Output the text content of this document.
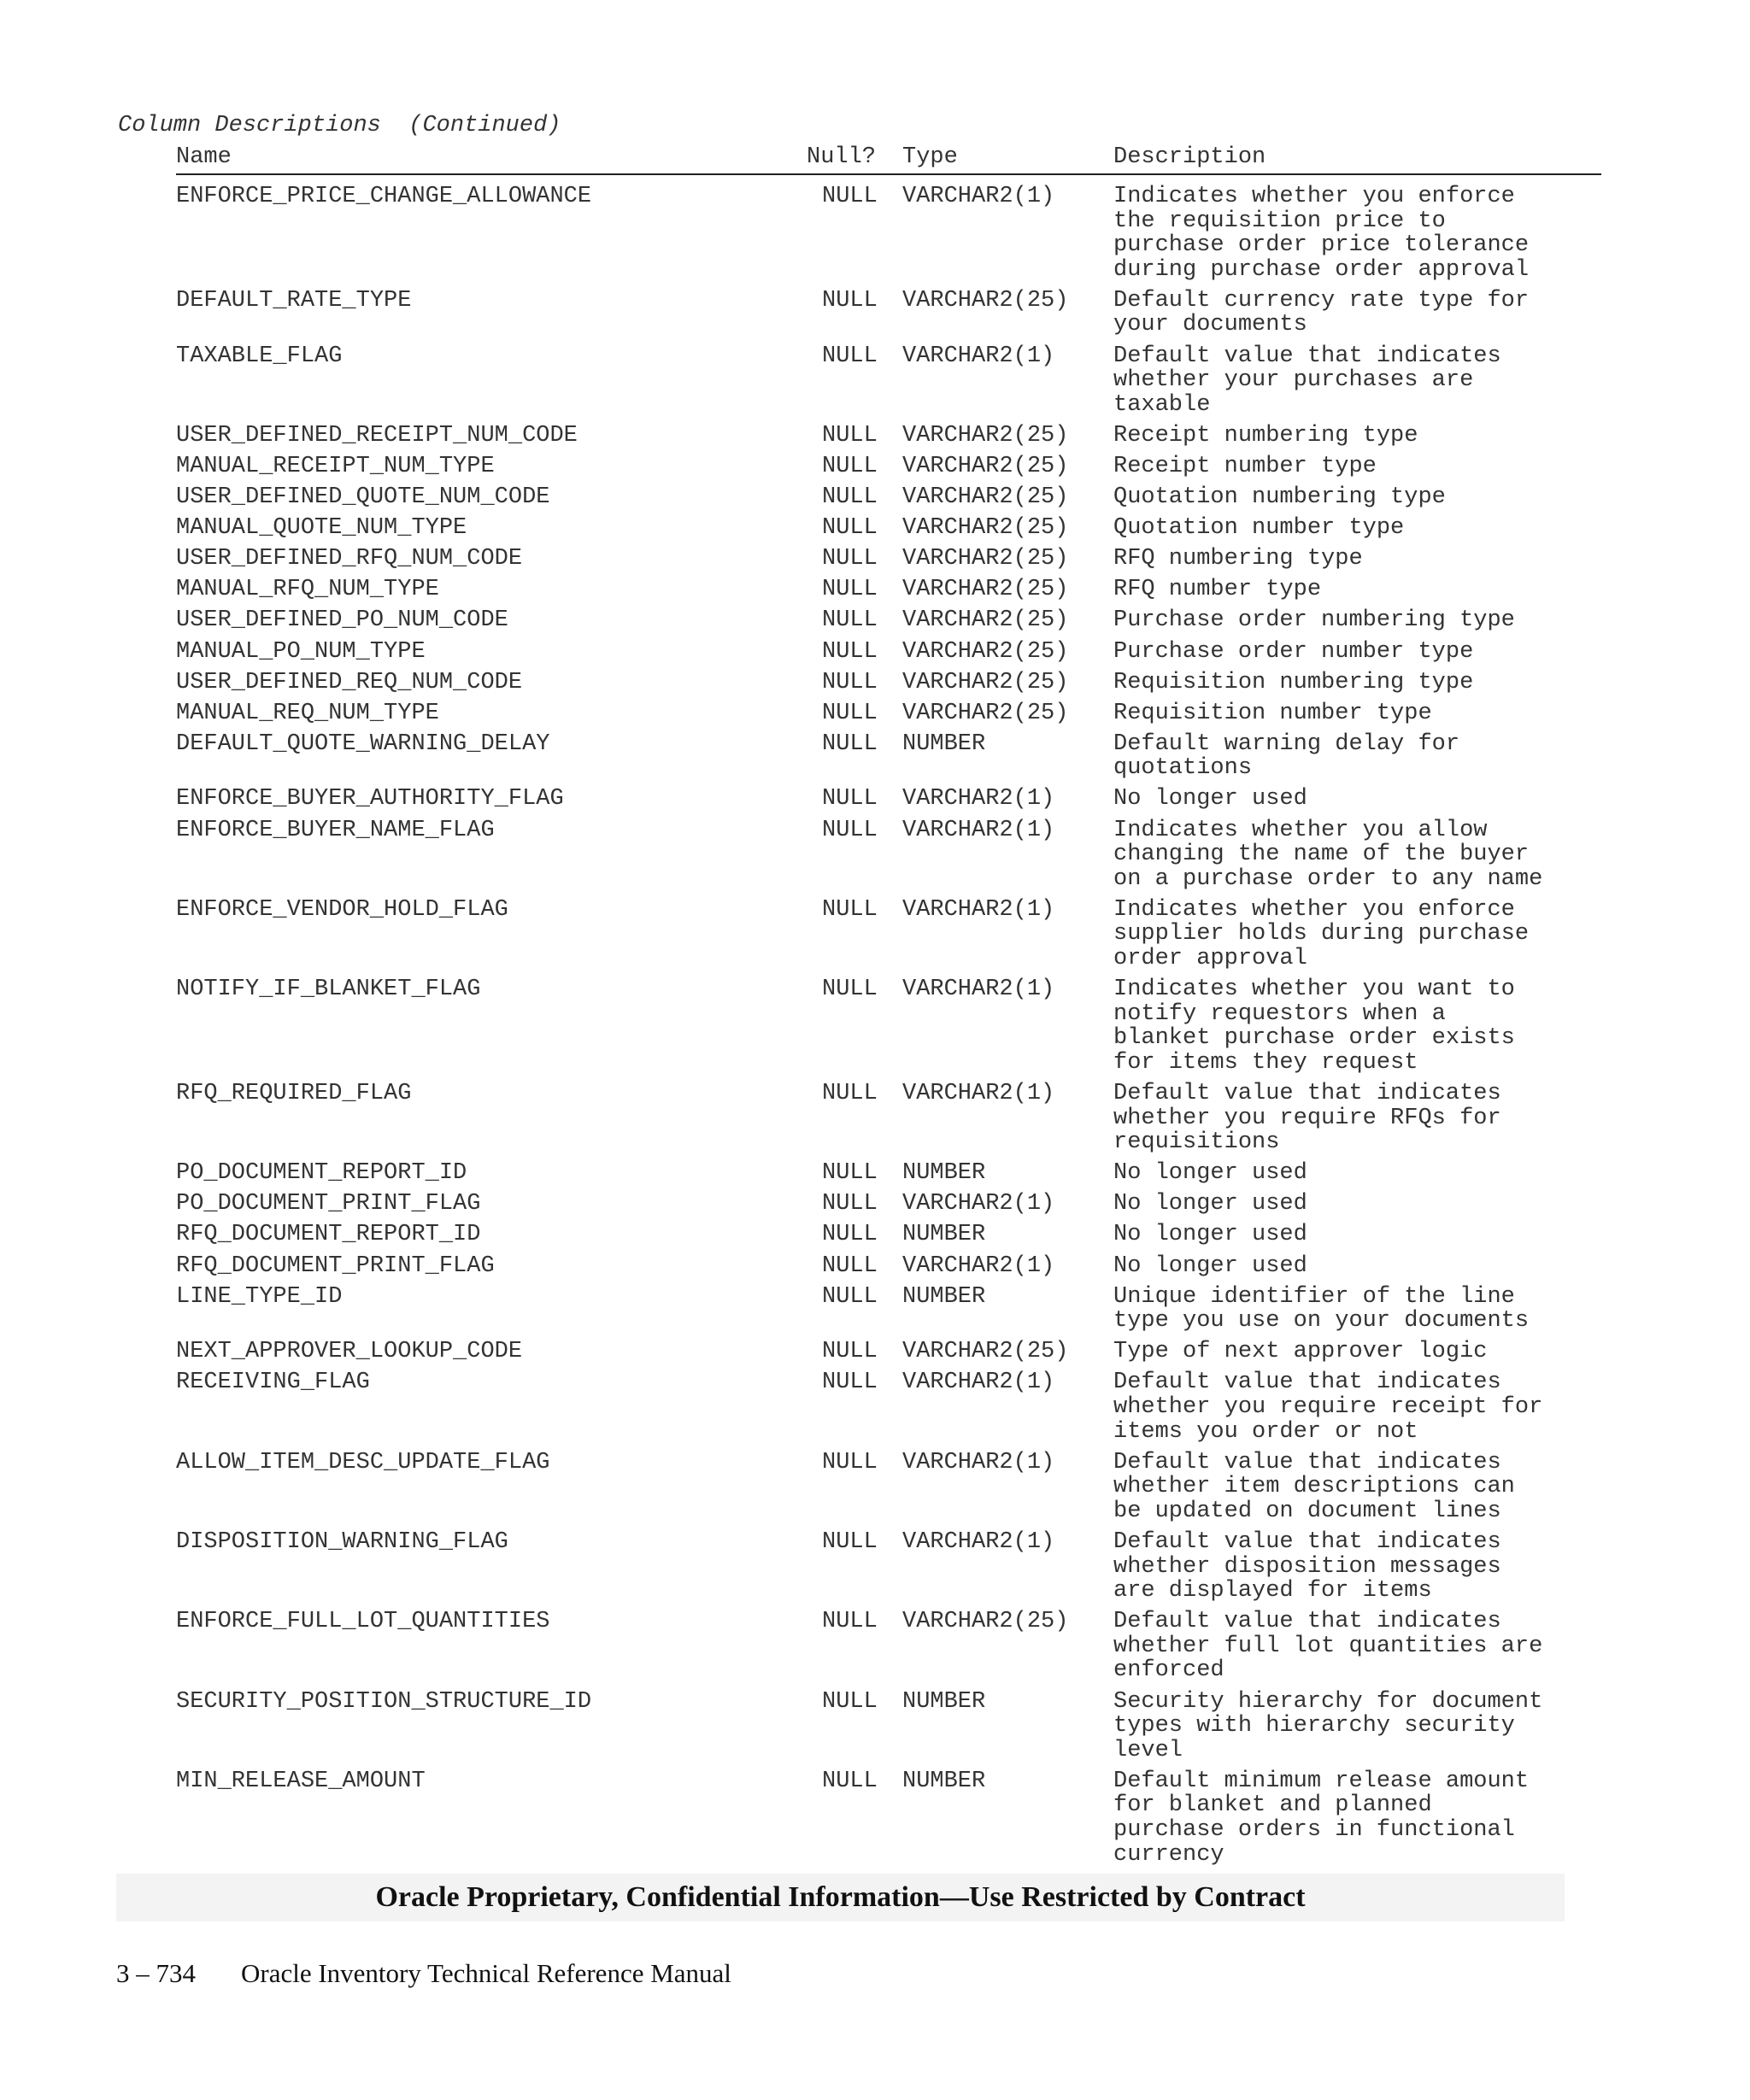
Column Descriptions  (Continued)
Name	Null? Type	Description
ENFORCE_PRICE_CHANGE_ALLOWANCE	NULL VARCHAR2(1)	Indicates whether you enforce
the requisition price to
purchase order price tolerance
during purchase order approval
DEFAULT_RATE_TYPE	NULL VARCHAR2(25) Default currency rate type for
your documents
TAXABLE_FLAG	NULL VARCHAR2(1)	Default value that indicates
whether your purchases are
taxable
USER_DEFINED_RECEIPT_NUM_CODE	NULL VARCHAR2(25) Receipt numbering type
MANUAL_RECEIPT_NUM_TYPE	NULL VARCHAR2(25) Receipt number type
USER_DEFINED_QUOTE_NUM_CODE	NULL VARCHAR2(25) Quotation numbering type
MANUAL_QUOTE_NUM_TYPE	NULL VARCHAR2(25) Quotation number type
USER_DEFINED_RFQ_NUM_CODE	NULL VARCHAR2(25) RFQ numbering type
MANUAL_RFQ_NUM_TYPE	NULL VARCHAR2(25) RFQ number type
USER_DEFINED_PO_NUM_CODE	NULL VARCHAR2(25) Purchase order numbering type
MANUAL_PO_NUM_TYPE	NULL VARCHAR2(25) Purchase order number type
USER_DEFINED_REQ_NUM_CODE	NULL VARCHAR2(25) Requisition numbering type
MANUAL_REQ_NUM_TYPE	NULL VARCHAR2(25) Requisition number type
DEFAULT_QUOTE_WARNING_DELAY	NULL NUMBER	Default warning delay for
quotations
ENFORCE_BUYER_AUTHORITY_FLAG	NULL VARCHAR2(1)	No longer used
ENFORCE_BUYER_NAME_FLAG	NULL VARCHAR2(1)	Indicates whether you allow
changing the name of the buyer
on a purchase order to any name
ENFORCE_VENDOR_HOLD_FLAG	NULL VARCHAR2(1)	Indicates whether you enforce
supplier holds during purchase
order approval
NOTIFY_IF_BLANKET_FLAG	NULL VARCHAR2(1)	Indicates whether you want to
notify requestors when a
blanket purchase order exists
for items they request
RFQ_REQUIRED_FLAG	NULL VARCHAR2(1)	Default value that indicates
whether you require RFQs for
requisitions
PO_DOCUMENT_REPORT_ID	NULL NUMBER	No longer used
PO_DOCUMENT_PRINT_FLAG	NULL VARCHAR2(1)	No longer used
RFQ_DOCUMENT_REPORT_ID	NULL NUMBER	No longer used
RFQ_DOCUMENT_PRINT_FLAG	NULL VARCHAR2(1)	No longer used
LINE_TYPE_ID	NULL NUMBER	Unique identifier of the line
type you use on your documents
NEXT_APPROVER_LOOKUP_CODE	NULL VARCHAR2(25) Type of next approver logic
RECEIVING_FLAG	NULL VARCHAR2(1)	Default value that indicates
whether you require receipt for
items you order or not
ALLOW_ITEM_DESC_UPDATE_FLAG	NULL VARCHAR2(1)	Default value that indicates
whether item descriptions can
be updated on document lines
DISPOSITION_WARNING_FLAG	NULL VARCHAR2(1)	Default value that indicates
whether disposition messages
are displayed for items
ENFORCE_FULL_LOT_QUANTITIES	NULL VARCHAR2(25) Default value that indicates
whether full lot quantities are
enforced
SECURITY_POSITION_STRUCTURE_ID	NULL NUMBER	Security hierarchy for document
types with hierarchy security
level
MIN_RELEASE_AMOUNT	NULL NUMBER	Default minimum release amount
for blanket and planned
purchase orders in functional
currency
Oracle Proprietary, Confidential Information––Use Restricted by Contract
3 – 734 Oracle Inventory Technical Reference Manual
